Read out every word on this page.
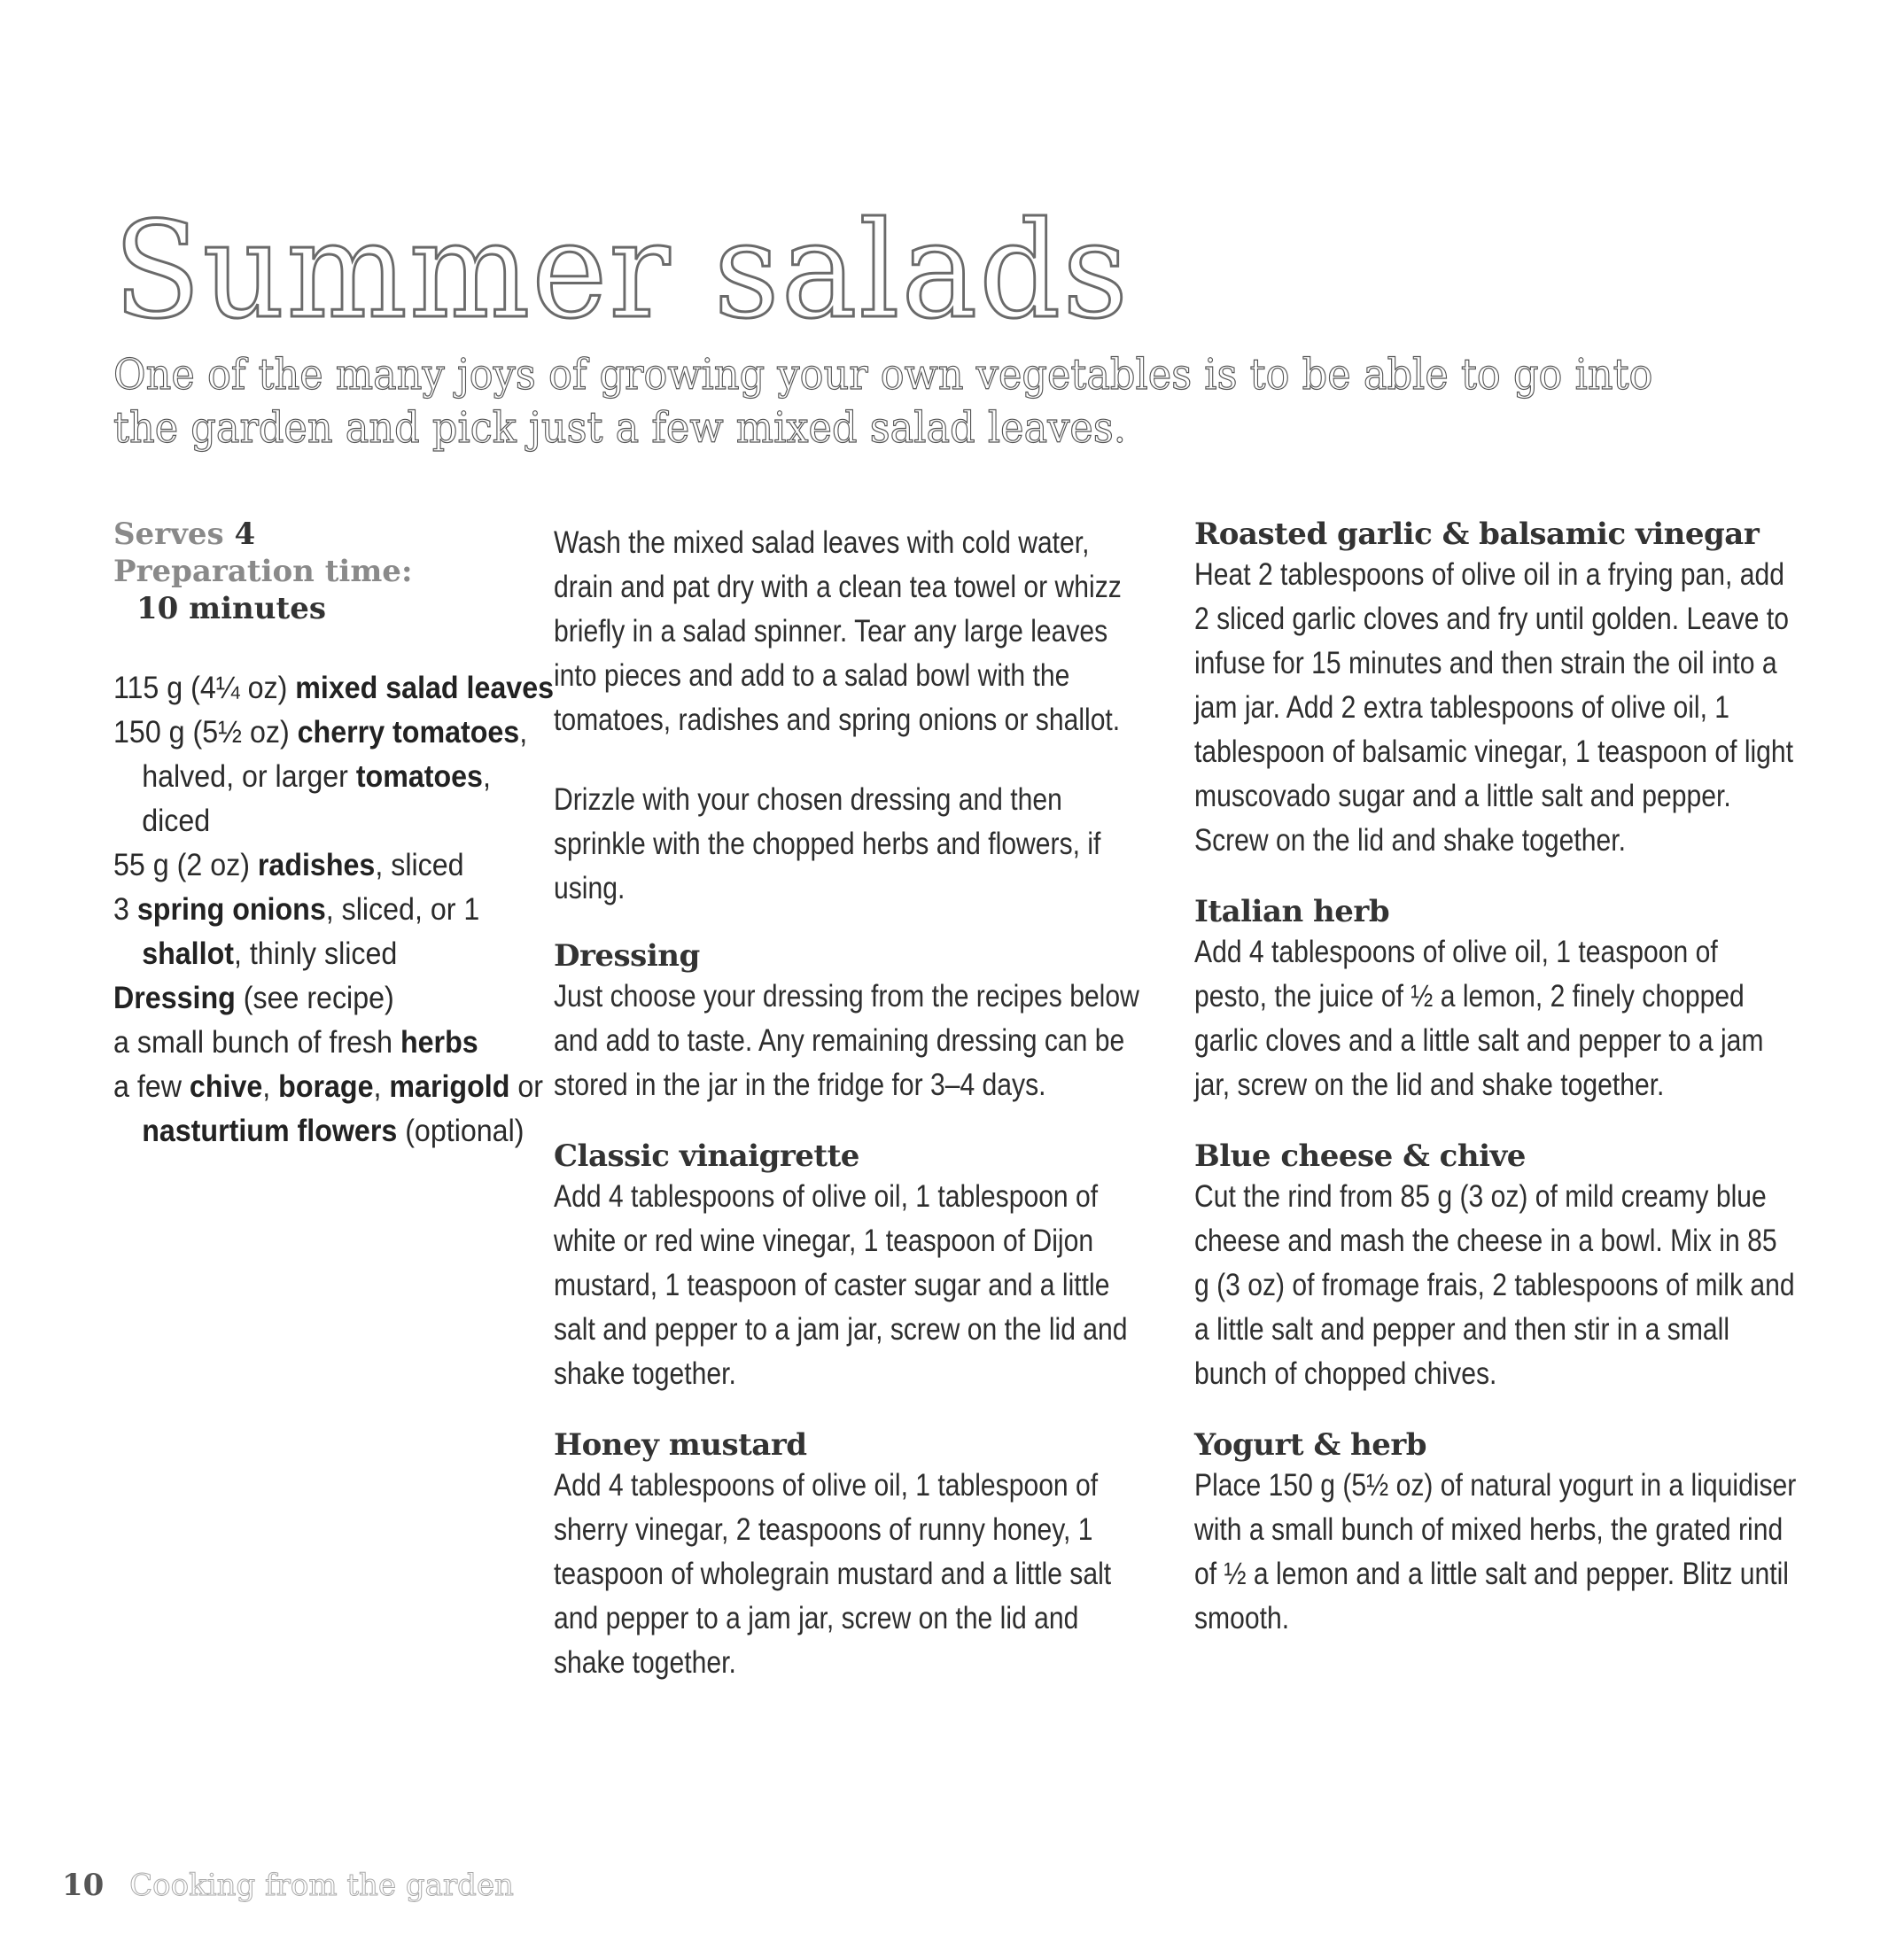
Summer salads

One of the many joys of growing your own vegetables is to be able to go into the garden and pick just a few mixed salad leaves.

Serves 4
Preparation time:
10 minutes
115 g (4¼ oz) mixed salad leaves
150 g (5½ oz) cherry tomatoes, halved, or larger tomatoes, diced
55 g (2 oz) radishes, sliced
3 spring onions, sliced, or 1 shallot, thinly sliced
Dressing (see recipe)
a small bunch of fresh herbs
a few chive, borage, marigold or nasturtium flowers (optional)

Wash the mixed salad leaves with cold water, drain and pat dry with a clean tea towel or whizz briefly in a salad spinner. Tear any large leaves into pieces and add to a salad bowl with the tomatoes, radishes and spring onions or shallot.

Drizzle with your chosen dressing and then sprinkle with the chopped herbs and flowers, if using.

Dressing

Just choose your dressing from the recipes below and add to taste. Any remaining dressing can be stored in the jar in the fridge for 3–4 days.

Classic vinaigrette

Add 4 tablespoons of olive oil, 1 tablespoon of white or red wine vinegar, 1 teaspoon of Dijon mustard, 1 teaspoon of caster sugar and a little salt and pepper to a jam jar, screw on the lid and shake together.

Honey mustard

Add 4 tablespoons of olive oil, 1 tablespoon of sherry vinegar, 2 teaspoons of runny honey, 1 teaspoon of wholegrain mustard and a little salt and pepper to a jam jar, screw on the lid and shake together.

Roasted garlic & balsamic vinegar

Heat 2 tablespoons of olive oil in a frying pan, add 2 sliced garlic cloves and fry until golden. Leave to infuse for 15 minutes and then strain the oil into a jam jar. Add 2 extra tablespoons of olive oil, 1 tablespoon of balsamic vinegar, 1 teaspoon of light muscovado sugar and a little salt and pepper. Screw on the lid and shake together.

Italian herb

Add 4 tablespoons of olive oil, 1 teaspoon of pesto, the juice of ½ a lemon, 2 finely chopped garlic cloves and a little salt and pepper to a jam jar, screw on the lid and shake together.

Blue cheese & chive

Cut the rind from 85 g (3 oz) of mild creamy blue cheese and mash the cheese in a bowl. Mix in 85 g (3 oz) of fromage frais, 2 tablespoons of milk and a little salt and pepper and then stir in a small bunch of chopped chives.

Yogurt & herb

Place 150 g (5½ oz) of natural yogurt in a liquidiser with a small bunch of mixed herbs, the grated rind of ½ a lemon and a little salt and pepper. Blitz until smooth.

10 Cooking from the garden
